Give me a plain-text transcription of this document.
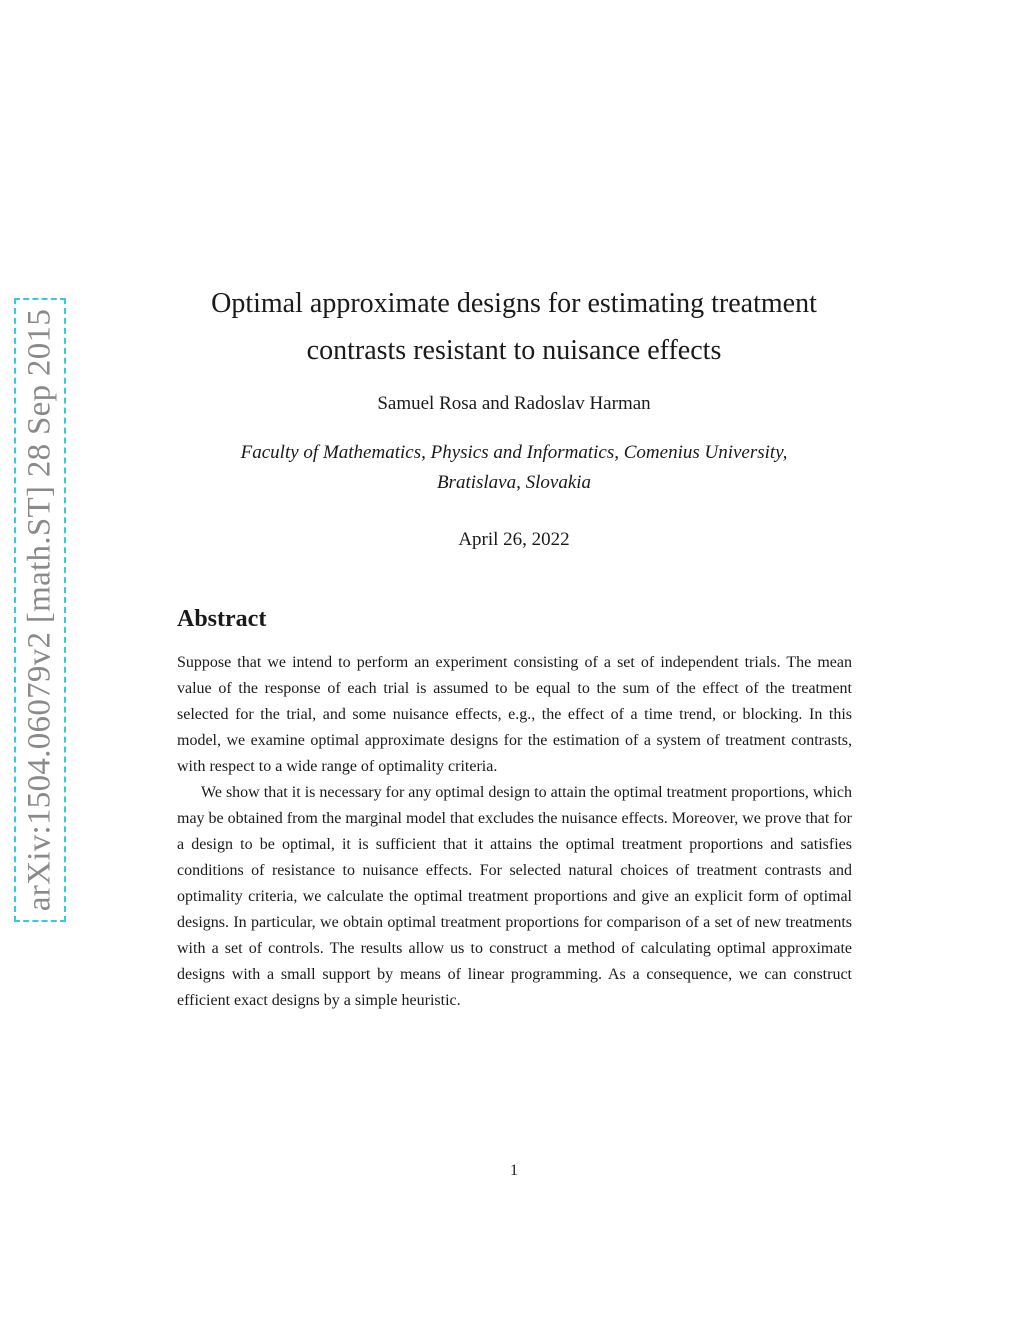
arXiv:1504.06079v2 [math.ST] 28 Sep 2015
Optimal approximate designs for estimating treatment
contrasts resistant to nuisance effects
Samuel Rosa and Radoslav Harman
Faculty of Mathematics, Physics and Informatics, Comenius University,
Bratislava, Slovakia
April 26, 2022
Abstract

Suppose that we intend to perform an experiment consisting of a set of independent trials. The mean value of the response of each trial is assumed to be equal to the sum of the effect of the treatment selected for the trial, and some nuisance effects, e.g., the effect of a time trend, or blocking. In this model, we examine optimal approximate designs for the estimation of a system of treatment contrasts, with respect to a wide range of optimality criteria.

We show that it is necessary for any optimal design to attain the optimal treatment proportions, which may be obtained from the marginal model that excludes the nuisance effects. Moreover, we prove that for a design to be optimal, it is sufficient that it attains the optimal treatment proportions and satisfies conditions of resistance to nuisance effects. For selected natural choices of treatment contrasts and optimality criteria, we calculate the optimal treatment proportions and give an explicit form of optimal designs. In particular, we obtain optimal treatment proportions for comparison of a set of new treatments with a set of controls. The results allow us to construct a method of calculating optimal approximate designs with a small support by means of linear programming. As a consequence, we can construct efficient exact designs by a simple heuristic.

1
